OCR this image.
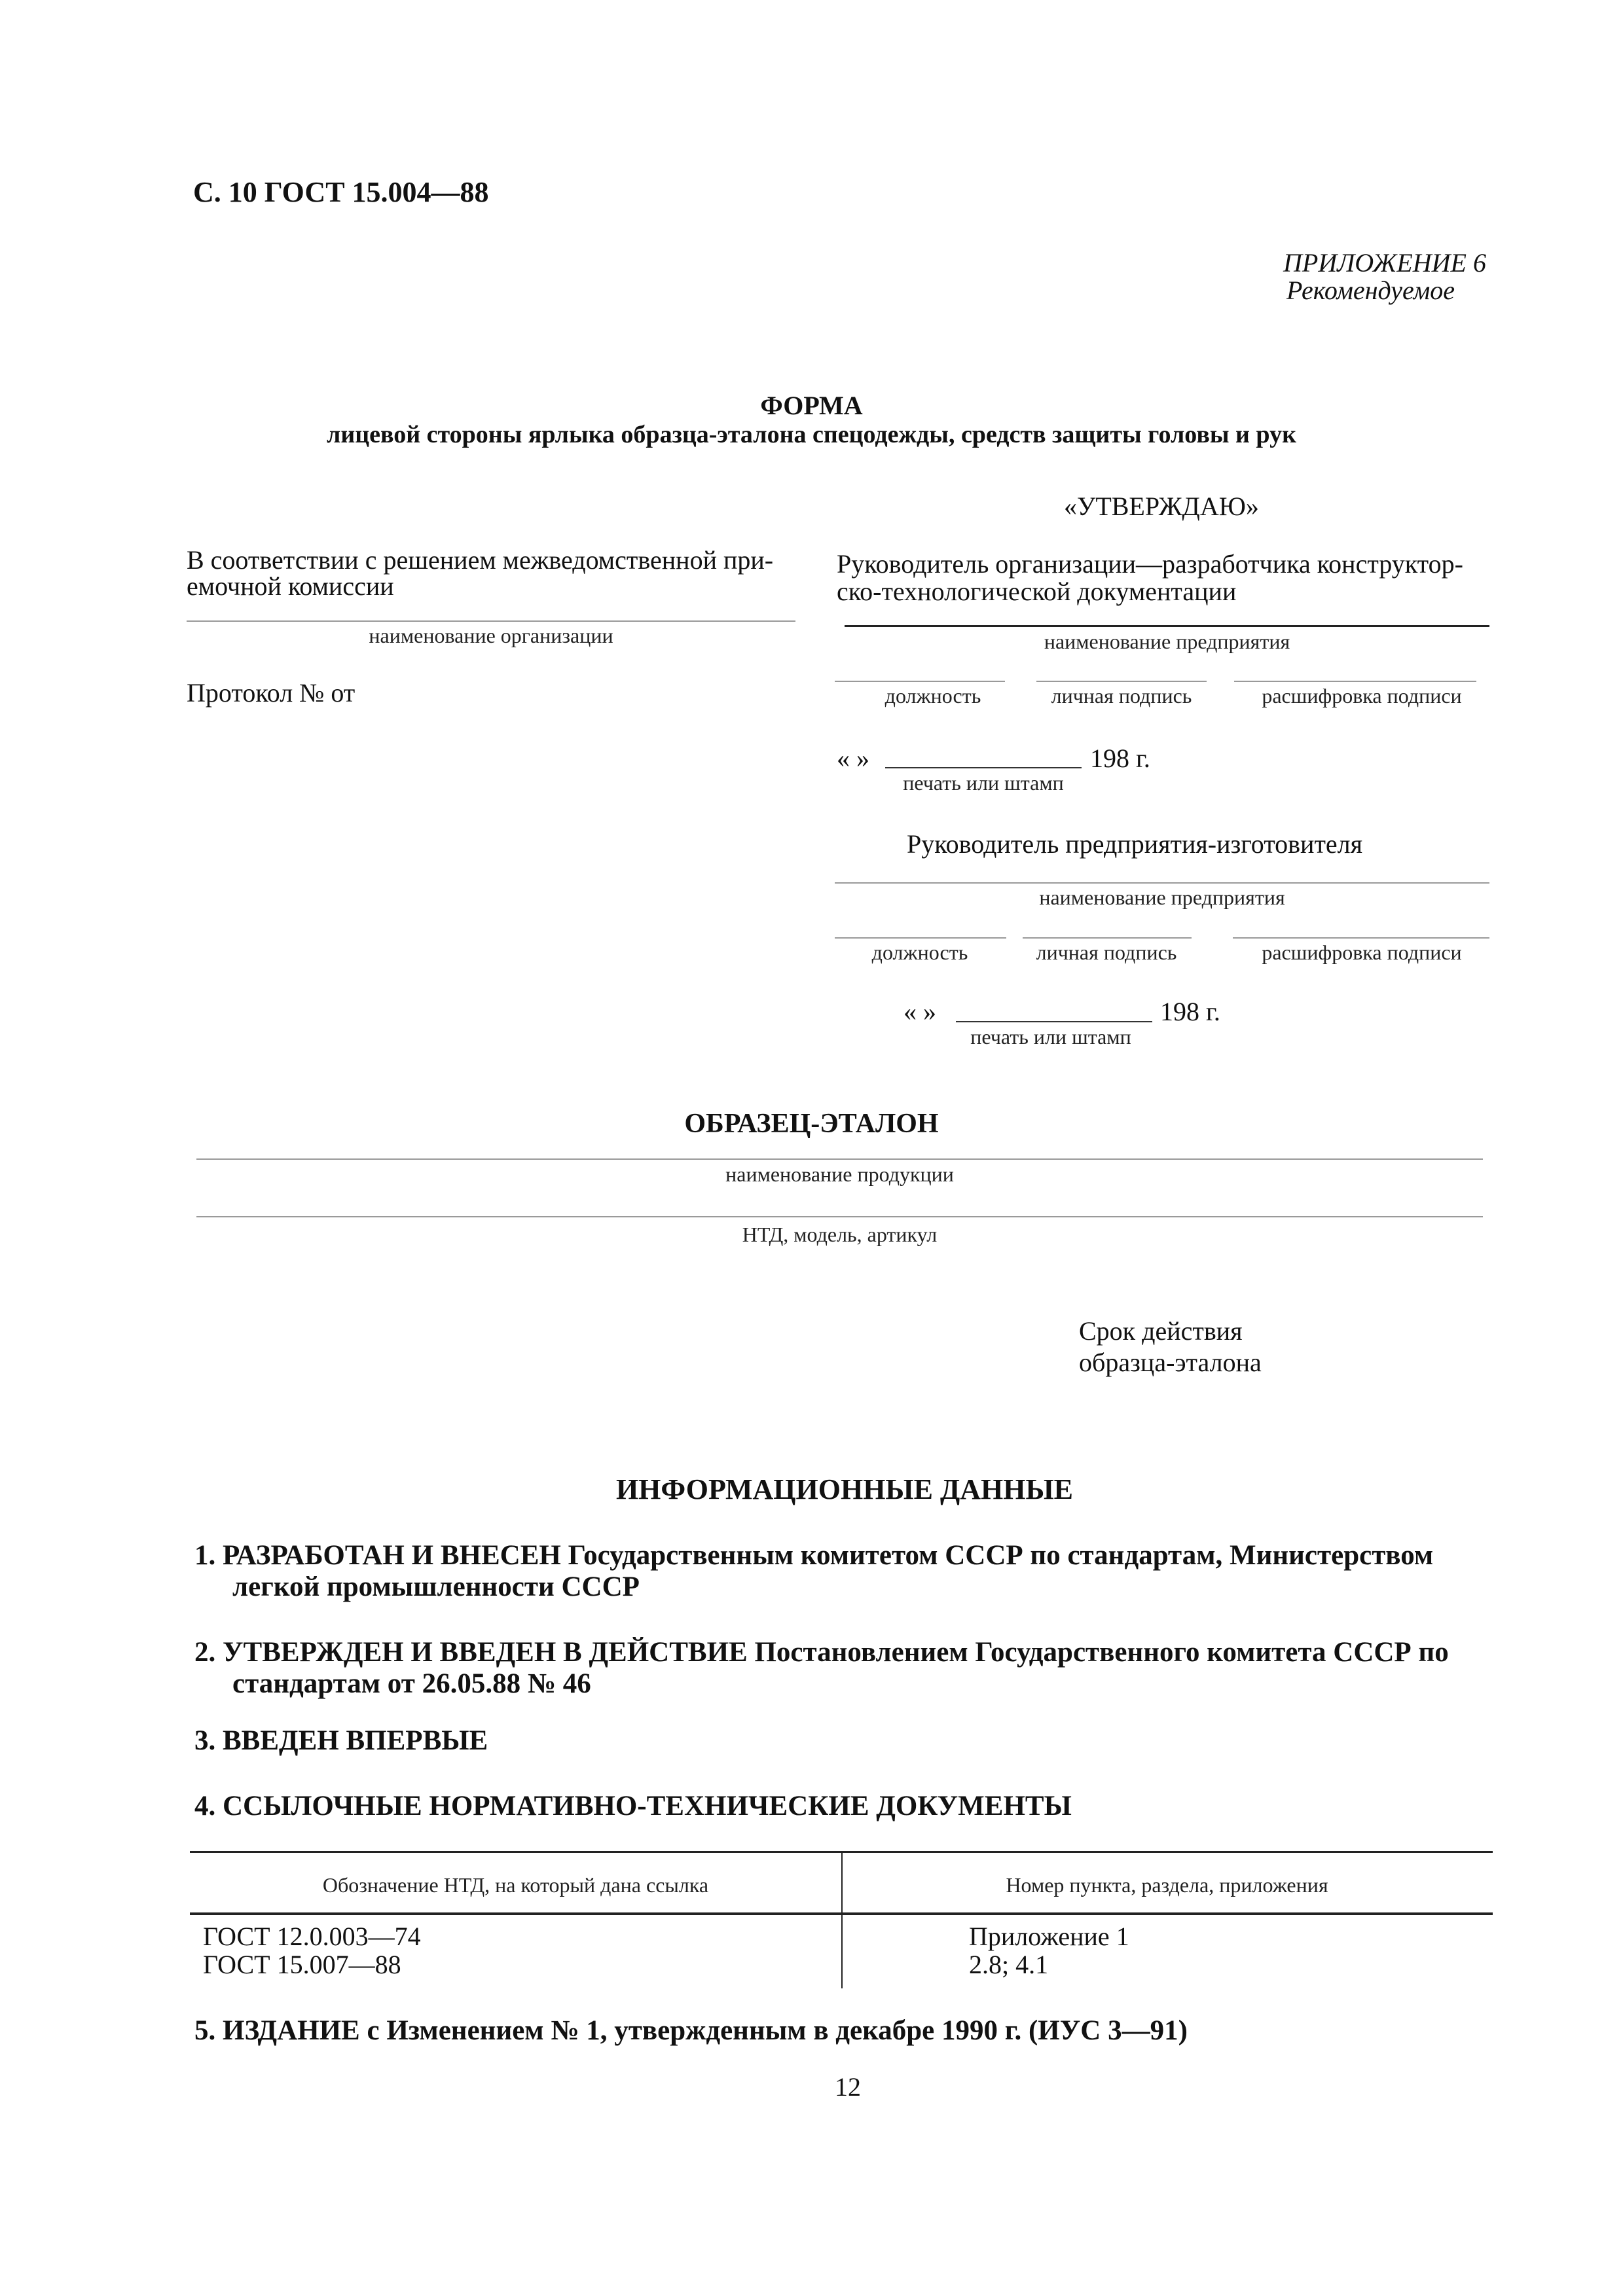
С. 10 ГОСТ 15.004—88
ПРИЛОЖЕНИЕ 6
Рекомендуемое
ФОРМА
лицевой стороны ярлыка образца-эталона спецодежды, средств защиты головы и рук
«УТВЕРЖДАЮ»
В соответствии с решением межведомственной при-
емочной комиссии
наименование организации
Протокол № от
Руководитель организации—разработчика конструктор-
ско-технологической документации
наименование предприятия
должность	личная подпись	расшифровка подписи
« »	198 г.
печать или штамп
Руководитель предприятия-изготовителя
наименование предприятия
должность	личная подпись	расшифровка подписи
« »	198 г.
печать или штамп
ОБРАЗЕЦ-ЭТАЛОН
наименование продукции
НТД, модель, артикул
Срок действия
образца-эталона
ИНФОРМАЦИОННЫЕ ДАННЫЕ
1. РАЗРАБОТАН И ВНЕСЕН Государственным комитетом СССР по стандартам, Министерством
легкой промышленности СССР
2. УТВЕРЖДЕН И ВВЕДЕН В ДЕЙСТВИЕ Постановлением Государственного комитета СССР по
стандартам от 26.05.88 № 46
3. ВВЕДЕН ВПЕРВЫЕ
4. ССЫЛОЧНЫЕ НОРМАТИВНО-ТЕХНИЧЕСКИЕ ДОКУМЕНТЫ
Обозначение НТД, на который дана ссылка	Номер пункта, раздела, приложения
ГОСТ 12.0.003—74	Приложение 1
ГОСТ 15.007—88	2.8; 4.1
5. ИЗДАНИЕ с Изменением № 1, утвержденным в декабре 1990 г. (ИУС 3—91)
12
